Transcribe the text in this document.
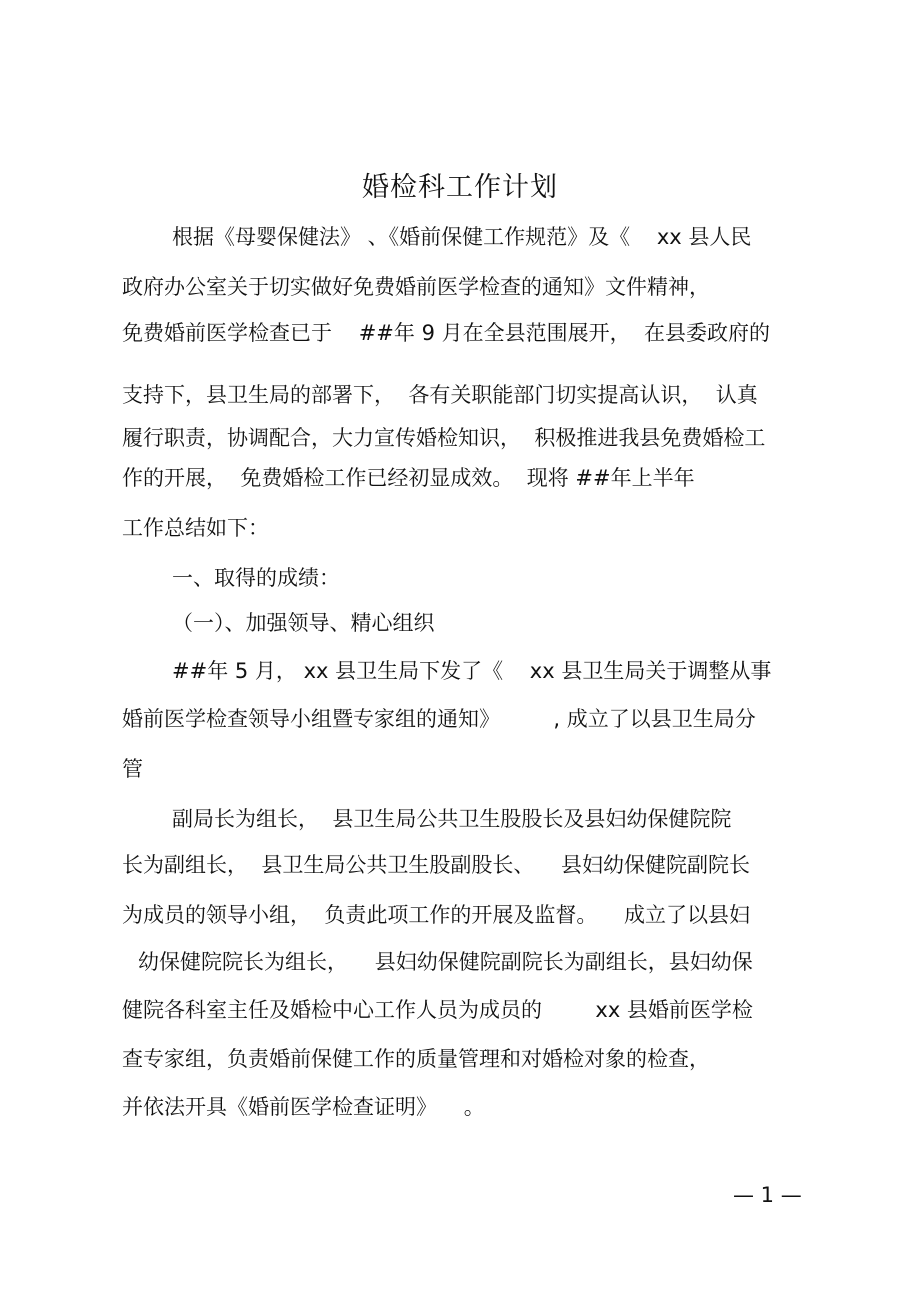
婚检科工作计划
根据《母婴保健法》 、《婚前保健工作规范》及《    xx 县人民
政府办公室关于切实做好免费婚前医学检查的通知》文件精神，
免费婚前医学检查已于    ##年 9 月在全县范围展开，  在县委政府的
支持下，县卫生局的部署下，  各有关职能部门切实提高认识，  认真
履行职责，协调配合，大力宣传婚检知识，  积极推进我县免费婚检工
作的开展，  免费婚检工作已经初显成效。  现将 ##年上半年
工作总结如下：
一、取得的成绩：
（一）、加强领导、精心组织
##年 5 月， xx 县卫生局下发了《    xx 县卫生局关于调整从事
婚前医学检查领导小组暨专家组的通知》        , 成立了以县卫生局分
管
副局长为组长，  县卫生局公共卫生股股长及县妇幼保健院院
长为副组长，  县卫生局公共卫生股副股长、    县妇幼保健院副院长
为成员的领导小组，  负责此项工作的开展及监督。    成立了以县妇
幼保健院院长为组长，    县妇幼保健院副院长为副组长，县妇幼保
健院各科室主任及婚检中心工作人员为成员的        xx 县婚前医学检
查专家组，负责婚前保健工作的质量管理和对婚检对象的检查，
并依法开具《婚前医学检查证明》    。
— 1 —
